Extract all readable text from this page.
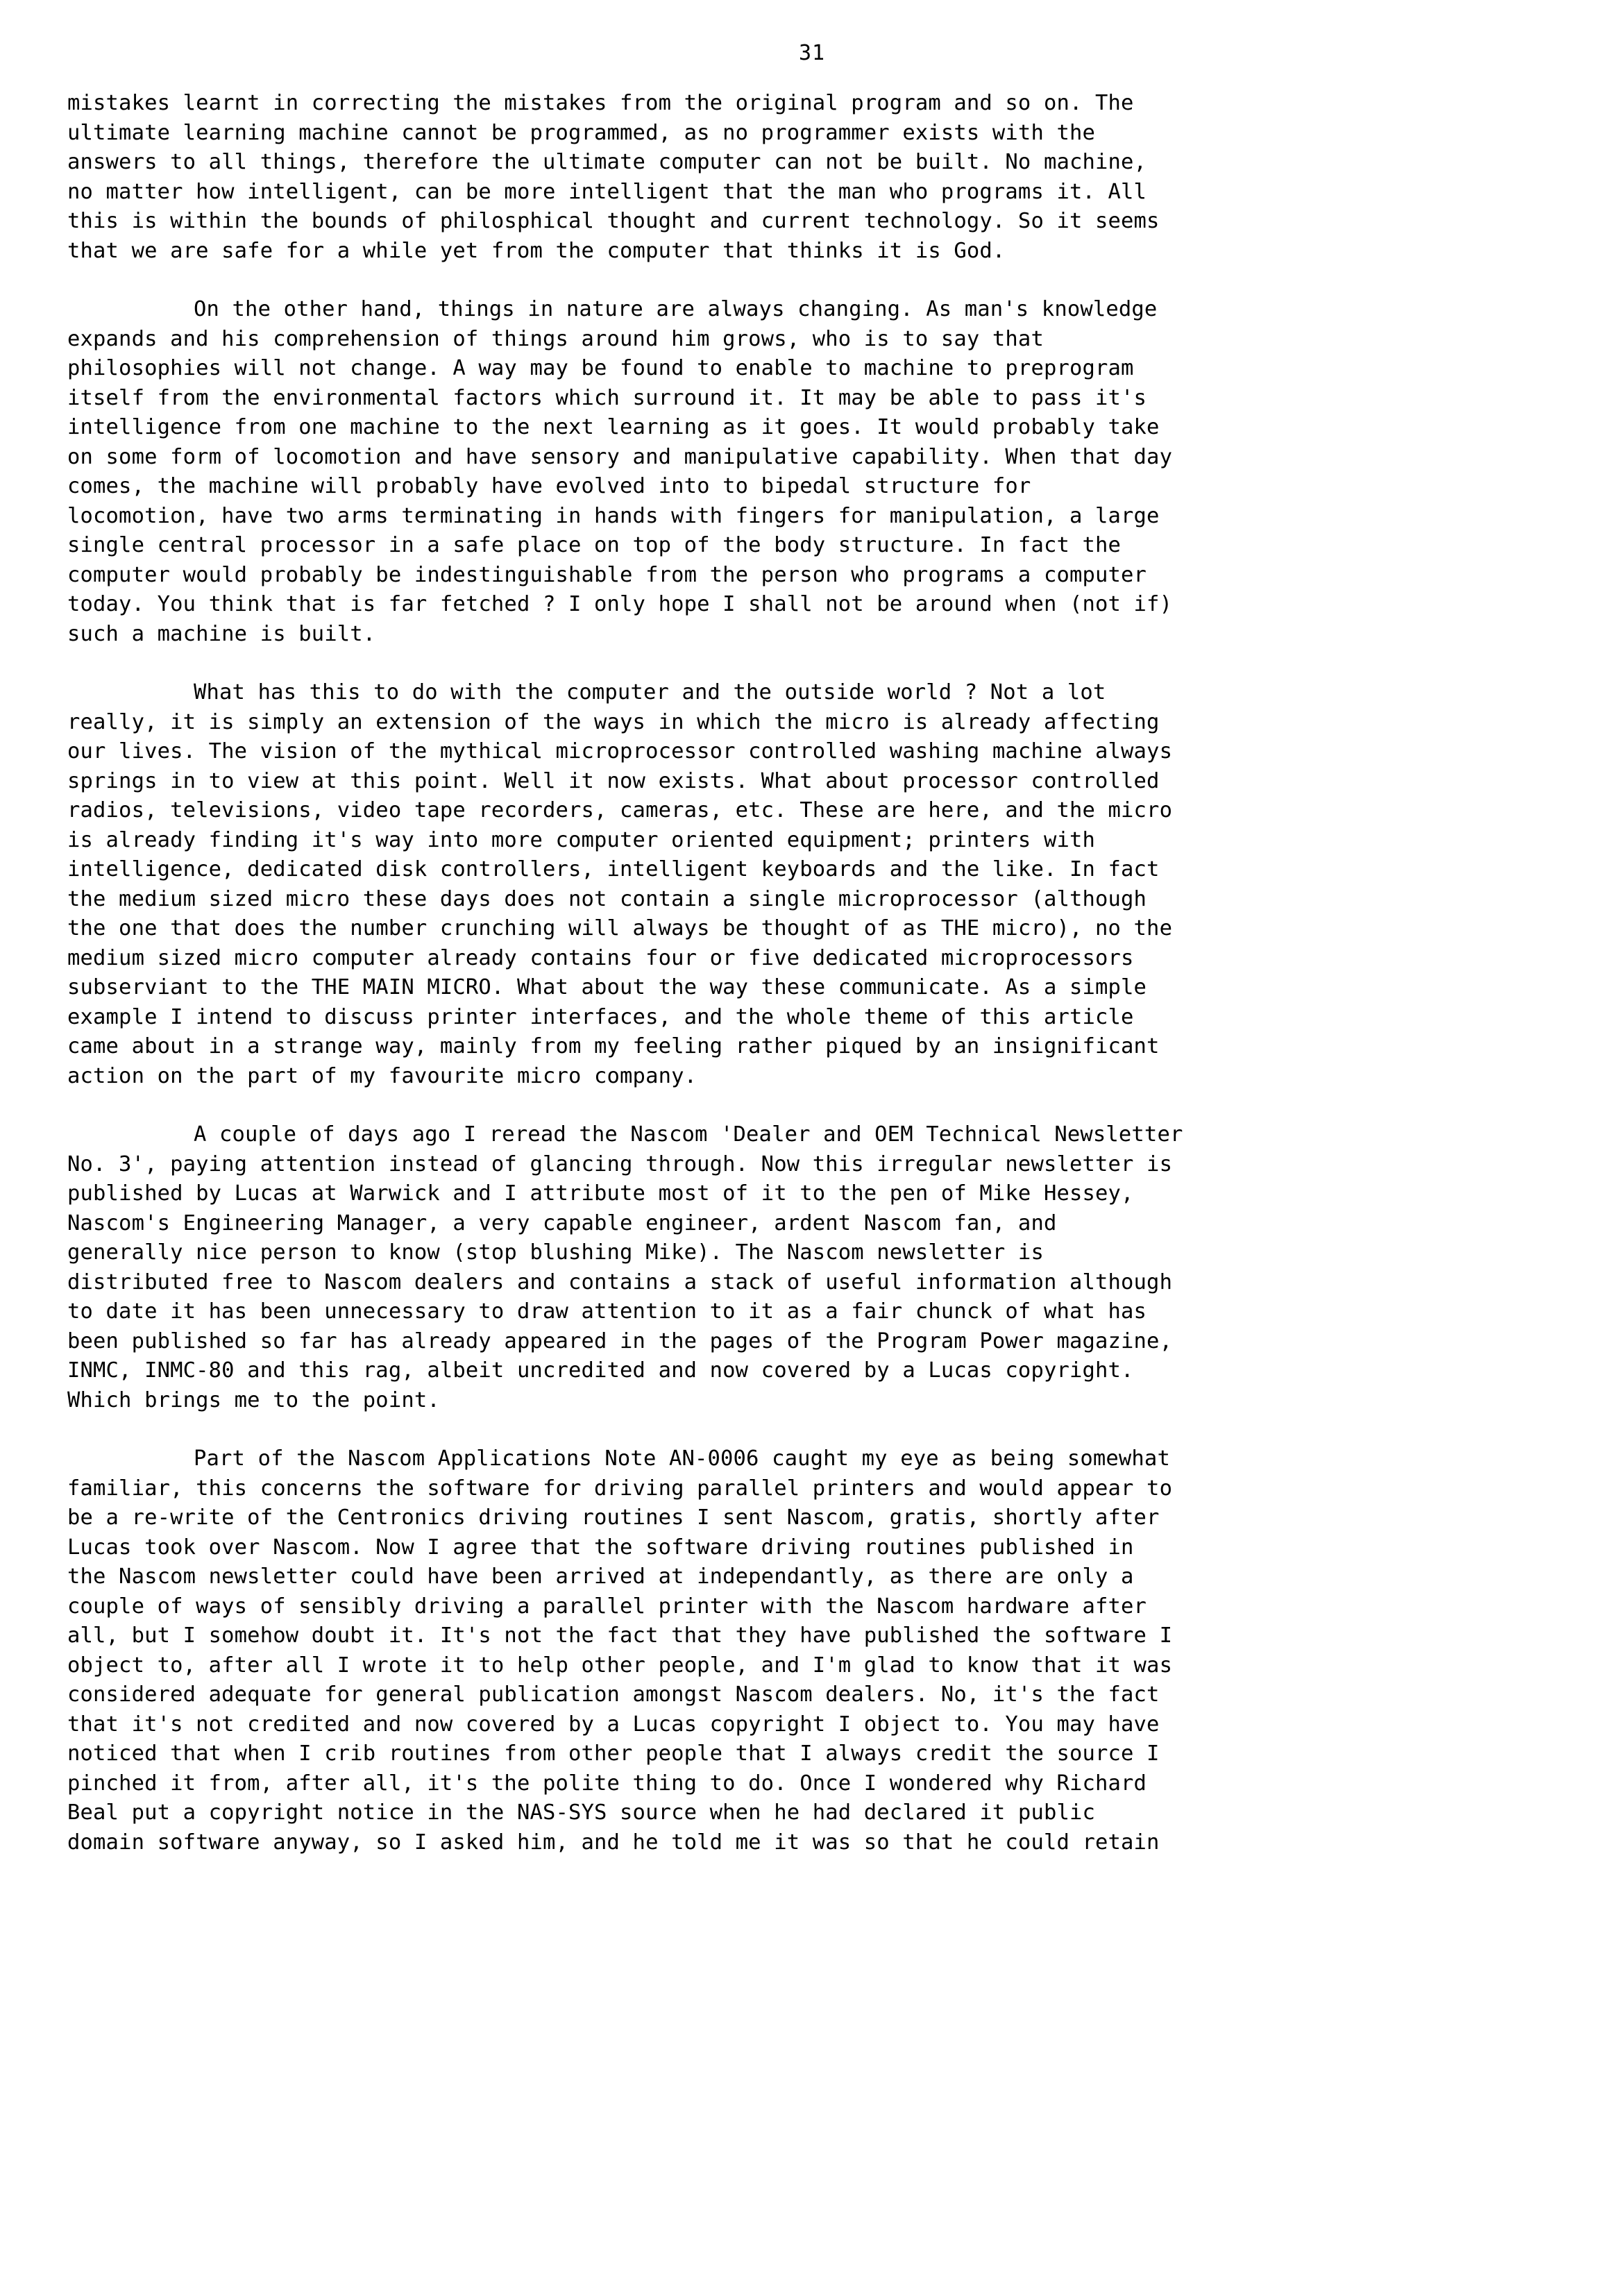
31
mistakes learnt in correcting the mistakes from the original program and so on. The
ultimate learning machine cannot be programmed, as no programmer exists with the
answers to all things, therefore the ultimate computer can not be built. No machine,
no matter how intelligent, can be more intelligent that the man who programs it. All
this is within the bounds of philosphical thought and current technology. So it seems
that we are safe for a while yet from the computer that thinks it is God.
On the other hand, things in nature are always changing. As man's knowledge
expands and his comprehension of things around him grows, who is to say that
philosophies will not change. A way may be found to enable to machine to preprogram
itself from the environmental factors which surround it. It may be able to pass it's
intelligence from one machine to the next learning as it goes. It would probably take
on some form of locomotion and have sensory and manipulative capability. When that day
comes, the machine will probably have evolved into to bipedal structure for
locomotion, have two arms terminating in hands with fingers for manipulation, a large
single central processor in a safe place on top of the body structure. In fact the
computer would probably be indestinguishable from the person who programs a computer
today. You think that is far fetched ? I only hope I shall not be around when (not if)
such a machine is built.
What has this to do with the computer and the outside world ? Not a lot
really, it is simply an extension of the ways in which the micro is already affecting
our lives. The vision of the mythical microprocessor controlled washing machine always
springs in to view at this point. Well it now exists. What about processor controlled
radios, televisions, video tape recorders, cameras, etc. These are here, and the micro
is already finding it's way into more computer oriented equipment; printers with
intelligence, dedicated disk controllers, intelligent keyboards and the like. In fact
the medium sized micro these days does not contain a single microprocessor (although
the one that does the number crunching will always be thought of as THE micro), no the
medium sized micro computer already contains four or five dedicated microprocessors
subserviant to the THE MAIN MICRO. What about the way these communicate. As a simple
example I intend to discuss printer interfaces, and the whole theme of this article
came about in a strange way, mainly from my feeling rather piqued by an insignificant
action on the part of my favourite micro company.
A couple of days ago I reread the Nascom 'Dealer and OEM Technical Newsletter
No. 3', paying attention instead of glancing through. Now this irregular newsletter is
published by Lucas at Warwick and I attribute most of it to the pen of Mike Hessey,
Nascom's Engineering Manager, a very capable engineer, ardent Nascom fan, and
generally nice person to know (stop blushing Mike). The Nascom newsletter is
distributed free to Nascom dealers and contains a stack of useful information although
to date it has been unnecessary to draw attention to it as a fair chunck of what has
been published so far has already appeared in the pages of the Program Power magazine,
INMC, INMC-80 and this rag, albeit uncredited and now covered by a Lucas copyright.
Which brings me to the point.
Part of the Nascom Applications Note AN-0006 caught my eye as being somewhat
familiar, this concerns the software for driving parallel printers and would appear to
be a re-write of the Centronics driving routines I sent Nascom, gratis, shortly after
Lucas took over Nascom. Now I agree that the software driving routines published in
the Nascom newsletter could have been arrived at independantly, as there are only a
couple of ways of sensibly driving a parallel printer with the Nascom hardware after
all, but I somehow doubt it. It's not the fact that they have published the software I
object to, after all I wrote it to help other people, and I'm glad to know that it was
considered adequate for general publication amongst Nascom dealers. No, it's the fact
that it's not credited and now covered by a Lucas copyright I object to. You may have
noticed that when I crib routines from other people that I always credit the source I
pinched it from, after all, it's the polite thing to do. Once I wondered why Richard
Beal put a copyright notice in the NAS-SYS source when he had declared it public
domain software anyway, so I asked him, and he told me it was so that he could retain
